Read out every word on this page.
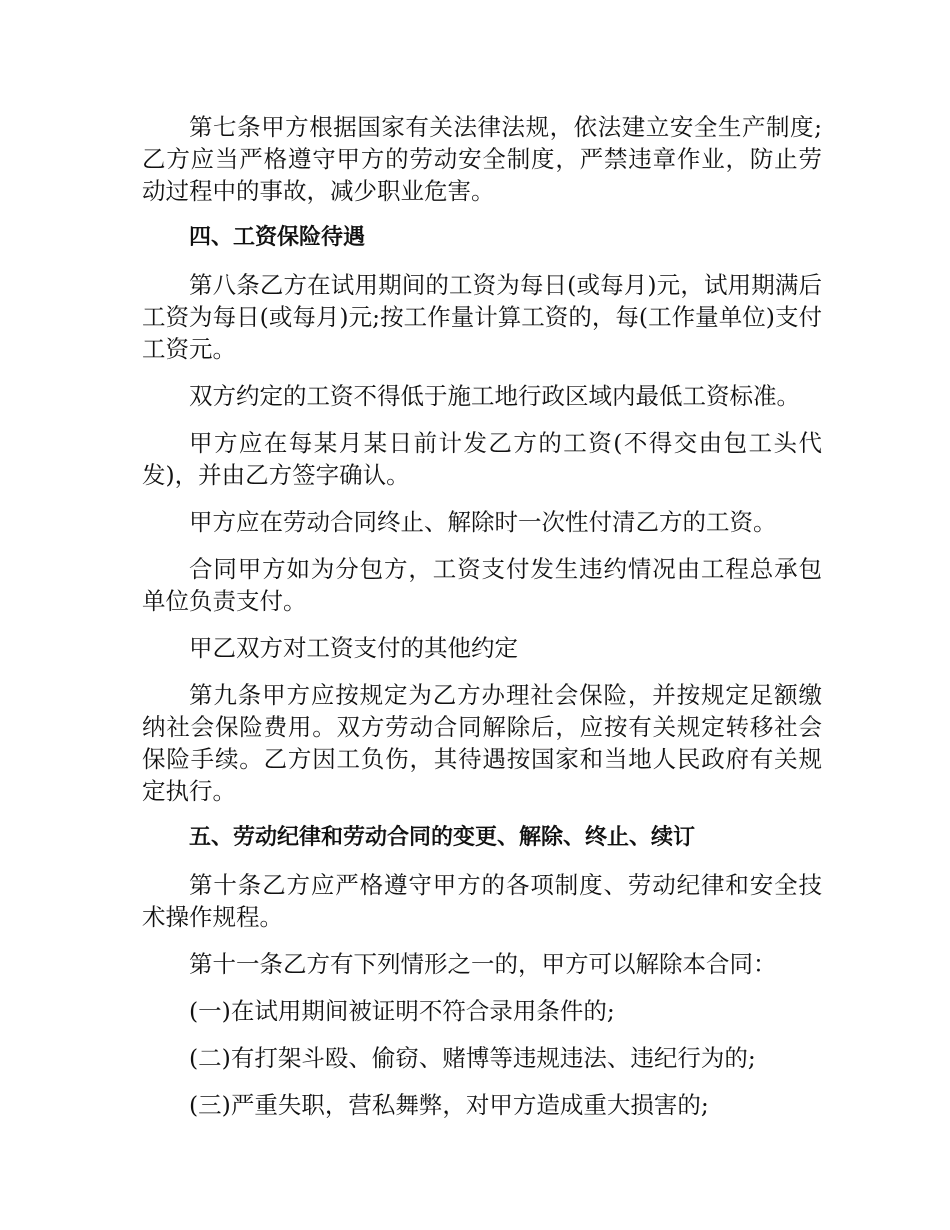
第七条甲方根据国家有关法律法规，依法建立安全生产制度;乙方应当严格遵守甲方的劳动安全制度，严禁违章作业，防止劳动过程中的事故，减少职业危害。

四、工资保险待遇

第八条乙方在试用期间的工资为每日(或每月)元，试用期满后工资为每日(或每月)元;按工作量计算工资的，每(工作量单位)支付工资元。

双方约定的工资不得低于施工地行政区域内最低工资标准。

甲方应在每某月某日前计发乙方的工资(不得交由包工头代发)，并由乙方签字确认。

甲方应在劳动合同终止、解除时一次性付清乙方的工资。

合同甲方如为分包方，工资支付发生违约情况由工程总承包单位负责支付。

甲乙双方对工资支付的其他约定

第九条甲方应按规定为乙方办理社会保险，并按规定足额缴纳社会保险费用。双方劳动合同解除后，应按有关规定转移社会保险手续。乙方因工负伤，其待遇按国家和当地人民政府有关规定执行。

五、劳动纪律和劳动合同的变更、解除、终止、续订

第十条乙方应严格遵守甲方的各项制度、劳动纪律和安全技术操作规程。

第十一条乙方有下列情形之一的，甲方可以解除本合同：

(一)在试用期间被证明不符合录用条件的;

(二)有打架斗殴、偷窃、赌博等违规违法、违纪行为的;

(三)严重失职，营私舞弊，对甲方造成重大损害的;
